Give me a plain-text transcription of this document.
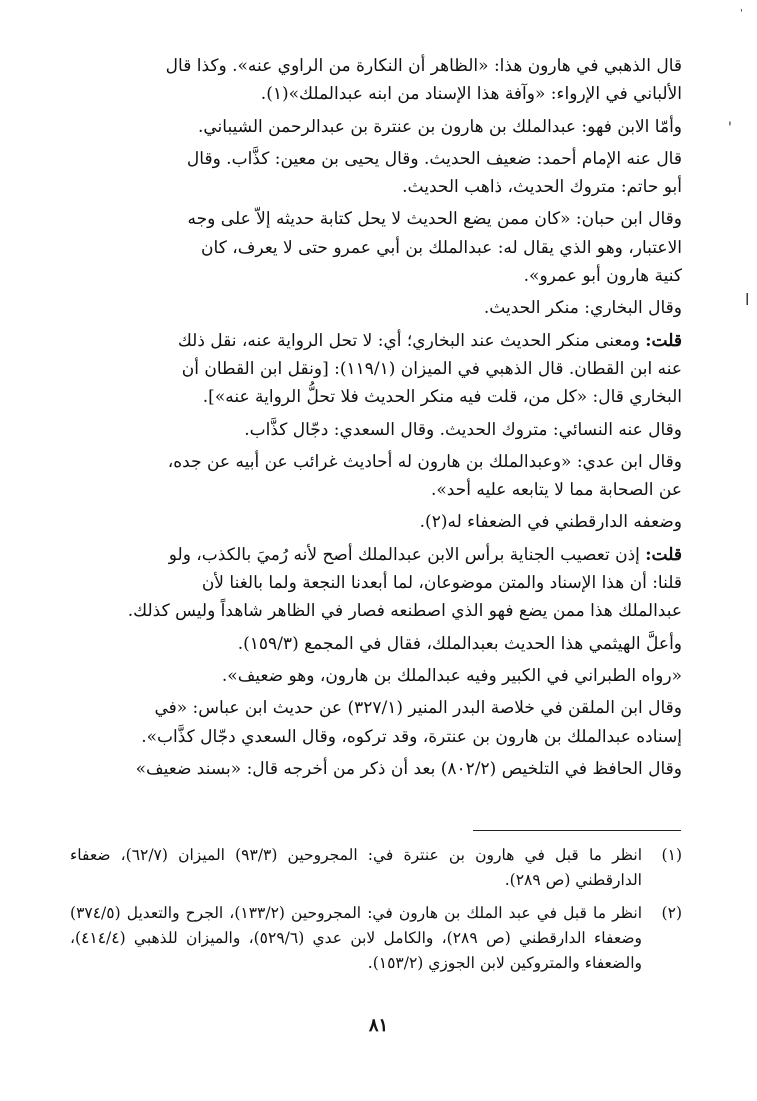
قال الذهبي في هارون هذا: «الظاهر أن النكارة من الراوي عنه». وكذا قال
الألباني في الإرواء: «وآفة هذا الإسناد من ابنه عبدالملك»(١).

وأمّا الابن فهو: عبدالملك بن هارون بن عنترة بن عبدالرحمن الشيباني.

قال عنه الإمام أحمد: ضعيف الحديث. وقال يحيى بن معين: كذَّاب. وقال
أبو حاتم: متروك الحديث، ذاهب الحديث.

وقال ابن حبان: «كان ممن يضع الحديث لا يحل كتابة حديثه إلاّ على وجه
الاعتبار، وهو الذي يقال له: عبدالملك بن أبي عمرو حتى لا يعرف، كان
كنية هارون أبو عمرو».

وقال البخاري: منكر الحديث.

قلت: ومعنى منكر الحديث عند البخاري؛ أي: لا تحل الرواية عنه، نقل ذلك
عنه ابن القطان. قال الذهبي في الميزان (١١٩/١): [ونقل ابن القطان أن
البخاري قال: «كل من، قلت فيه منكر الحديث فلا تحلُّ الرواية عنه»].

وقال عنه النسائي: متروك الحديث. وقال السعدي: دجّال كذَّاب.

وقال ابن عدي: «وعبدالملك بن هارون له أحاديث غرائب عن أبيه عن جده،
عن الصحابة مما لا يتابعه عليه أحد».

وضعفه الدارقطني في الضعفاء له(٢).

قلت: إذن تعصيب الجناية برأس الابن عبدالملك أصح لأنه رُميَ بالكذب، ولو
قلنا: أن هذا الإسناد والمتن موضوعان، لما أبعدنا النجعة ولما بالغنا لأن
عبدالملك هذا ممن يضع فهو الذي اصطنعه فصار في الظاهر شاهداً وليس كذلك.

وأعلَّ الهيثمي هذا الحديث بعبدالملك، فقال في المجمع (١٥٩/٣).

«رواه الطبراني في الكبير وفيه عبدالملك بن هارون، وهو ضعيف».

وقال ابن الملقن في خلاصة البدر المنير (٣٢٧/١) عن حديث ابن عباس: «في
إسناده عبدالملك بن هارون بن عنترة، وقد تركوه، وقال السعدي دجّال كذَّاب».

وقال الحافظ في التلخيص (٨٠٢/٢) بعد أن ذكر من أخرجه قال: «بسند ضعيف»

(١)
انظر ما قبل في هارون بن عنترة في: المجروحين (٩٣/٣) الميزان (٦٢/٧)، ضعفاء الدارقطني (ص ٢٨٩).
(٢)
انظر ما قبل في عبد الملك بن هارون في: المجروحين (١٣٣/٢)، الجرح والتعديل (٣٧٤/٥) وضعفاء الدارقطني (ص ٢٨٩)، والكامل لابن عدي (٥٢٩/٦)، والميزان للذهبي (٤١٤/٤)، والضعفاء والمتروكين لابن الجوزي (١٥٣/٢).
٨١
'
ا
'
